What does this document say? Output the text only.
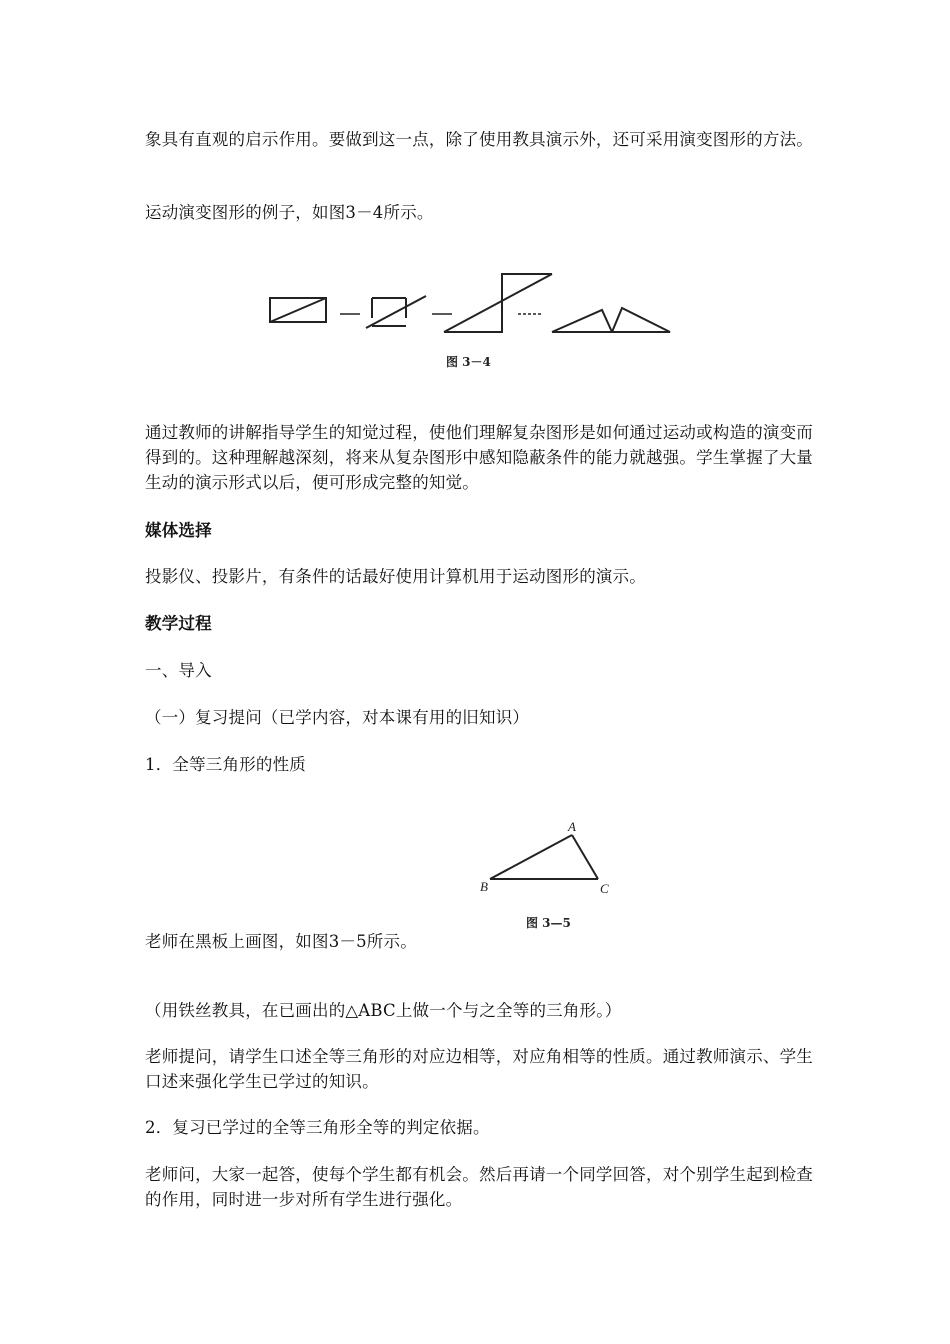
象具有直观的启示作用。要做到这一点，除了使用教具演示外，还可采用演变图形的方法。

运动演变图形的例子，如图3－4所示。

图 3－4

通过教师的讲解指导学生的知觉过程，使他们理解复杂图形是如何通过运动或构造的演变而得到的。这种理解越深刻，将来从复杂图形中感知隐蔽条件的能力就越强。学生掌握了大量生动的演示形式以后，便可形成完整的知觉。

媒体选择

投影仪、投影片，有条件的话最好使用计算机用于运动图形的演示。

教学过程

一、导入

（一）复习提问（已学内容，对本课有用的旧知识）

1．全等三角形的性质

A
B	C
图 3—5

老师在黑板上画图，如图3－5所示。

（用铁丝教具，在已画出的△ABC上做一个与之全等的三角形。）

老师提问，请学生口述全等三角形的对应边相等，对应角相等的性质。通过教师演示、学生口述来强化学生已学过的知识。

2．复习已学过的全等三角形全等的判定依据。

老师问，大家一起答，使每个学生都有机会。然后再请一个同学回答，对个别学生起到检查的作用，同时进一步对所有学生进行强化。
